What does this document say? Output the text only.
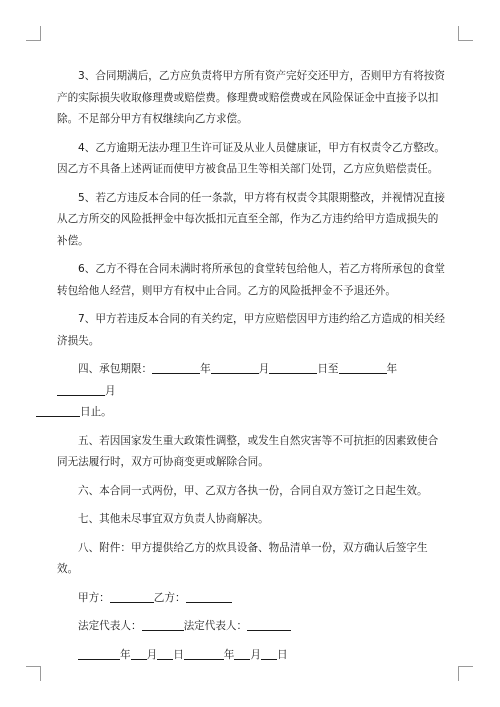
3、合同期满后，乙方应负责将甲方所有资产完好交还甲方，否则甲方有将按资产的实际损失收取修理费或赔偿费。修理费或赔偿费或在风险保证金中直接予以扣除。不足部分甲方有权继续向乙方求偿。

4、乙方逾期无法办理卫生许可证及从业人员健康证，甲方有权责令乙方整改。因乙方不具备上述两证而使甲方被食品卫生等相关部门处罚，乙方应负赔偿责任。

5、若乙方违反本合同的任一条款，甲方将有权责令其限期整改，并视情况直接从乙方所交的风险抵押金中每次抵扣元直至全部，作为乙方违约给甲方造成损失的补偿。

6、乙方不得在合同未满时将所承包的食堂转包给他人，若乙方将所承包的食堂转包给他人经营，则甲方有权中止合同。乙方的风险抵押金不予退还外。

7、甲方若违反本合同的有关约定，甲方应赔偿因甲方违约给乙方造成的相关经济损失。

四、承包期限：	年	月	日至	年月
日止。

五、若因国家发生重大政策性调整，或发生自然灾害等不可抗拒的因素致使合同无法履行时，双方可协商变更或解除合同。

六、本合同一式两份，甲、乙双方各执一份，合同自双方签订之日起生效。

七、其他未尽事宜双方负责人协商解决。

八、附件：甲方提供给乙方的炊具设备、物品清单一份，双方确认后签字生效。

甲方：	乙方：
法定代表人：	法定代表人：
年 月 日	年 月 日
